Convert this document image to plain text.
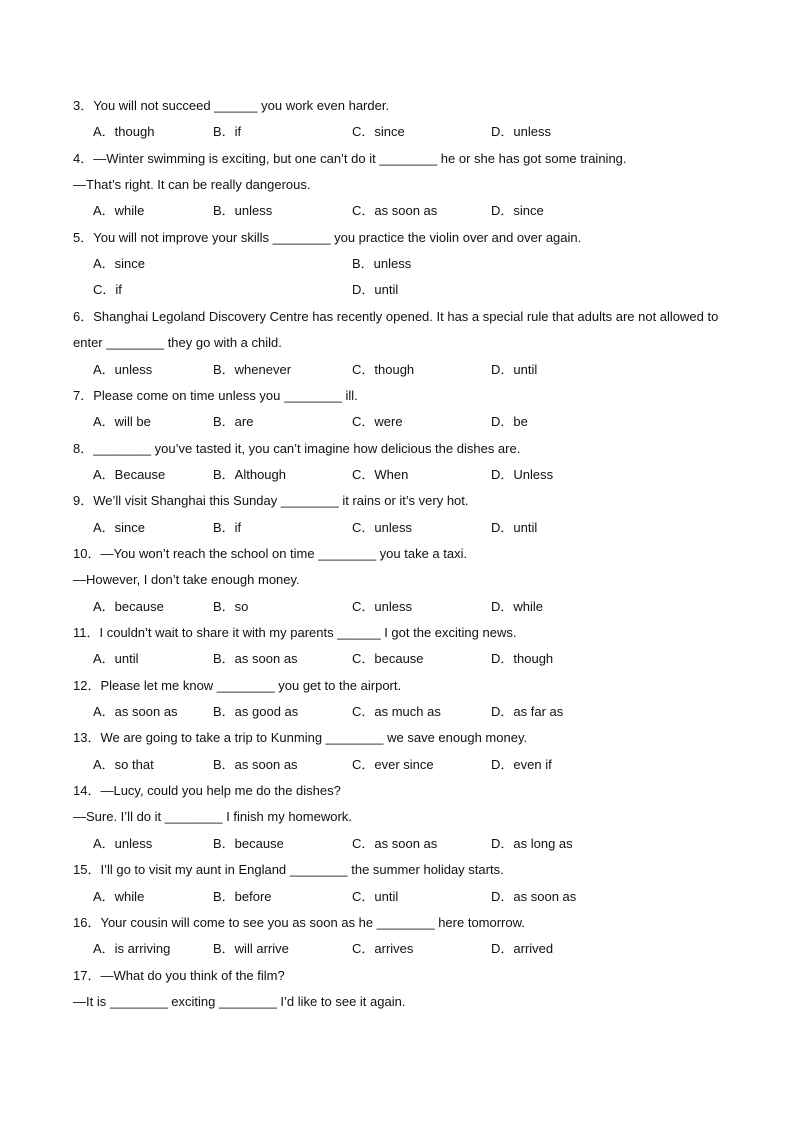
3．You will not succeed ______ you work even harder.
A．though	B．if	C．since	D．unless
4．—Winter swimming is exciting, but one can’t do it ________ he or she has got some training.
—That’s right. It can be really dangerous.
A．while	B．unless	C．as soon as	D．since
5．You will not improve your skills ________ you practice the violin over and over again.
A．since	B．unless
C．if	D．until
6．Shanghai Legoland Discovery Centre has recently opened. It has a special rule that adults are not allowed to
enter ________ they go with a child.
A．unless	B．whenever	C．though	D．until
7．Please come on time unless you ________ ill.
A．will be	B．are	C．were	D．be
8．________ you’ve tasted it, you can’t imagine how delicious the dishes are.
A．Because	B．Although	C．When	D．Unless
9．We’ll visit Shanghai this Sunday ________ it rains or it’s very hot.
A．since	B．if	C．unless	D．until
10．—You won’t reach the school on time ________ you take a taxi.
—However, I don’t take enough money.
A．because	B．so	C．unless	D．while
11．I couldn’t wait to share it with my parents ______ I got the exciting news.
A．until	B．as soon as	C．because	D．though
12．Please let me know ________ you get to the airport.
A．as soon as	B．as good as	C．as much as	D．as far as
13．We are going to take a trip to Kunming ________ we save enough money.
A．so that	B．as soon as	C．ever since	D．even if
14．—Lucy, could you help me do the dishes?
—Sure. I’ll do it ________ I finish my homework.
A．unless	B．because	C．as soon as	D．as long as
15．I’ll go to visit my aunt in England ________ the summer holiday starts.
A．while	B．before	C．until	D．as soon as
16．Your cousin will come to see you as soon as he ________ here tomorrow.
A．is arriving	B．will arrive	C．arrives	D．arrived
17．—What do you think of the film?
—It is ________ exciting ________ I’d like to see it again.
